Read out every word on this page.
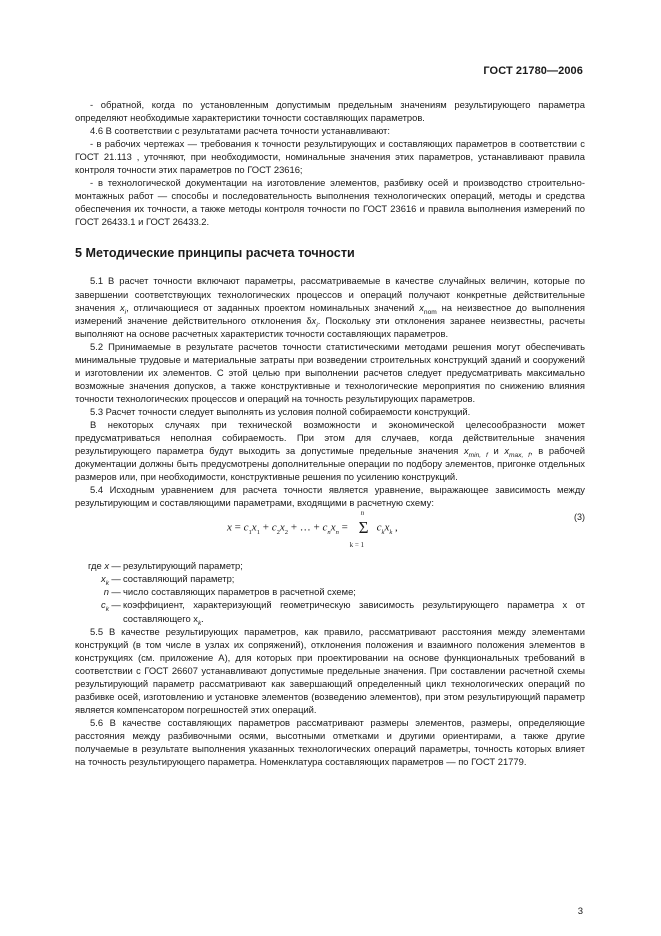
ГОСТ 21780—2006

- обратной, когда по установленным допустимым предельным значениям результирующего параметра определяют необходимые характеристики точности составляющих параметров.

4.6 В соответствии с результатами расчета точности устанавливают:

- в рабочих чертежах — требования к точности результирующих и составляющих параметров в соответствии с ГОСТ 21.113 , уточняют, при необходимости, номинальные значения этих параметров, устанавливают правила контроля точности этих параметров по ГОСТ 23616;

- в технологической документации на изготовление элементов, разбивку осей и производство строительно-монтажных работ — способы и последовательность выполнения технологических операций, методы и средства обеспечения их точности, а также методы контроля точности по ГОСТ 23616 и правила выполнения измерений по ГОСТ 26433.1 и ГОСТ 26433.2.

5 Методические принципы расчета точности

5.1 В расчет точности включают параметры, рассматриваемые в качестве случайных величин, которые по завершении соответствующих технологических процессов и операций получают конкретные действительные значения $x_i$, отличающиеся от заданных проектом номинальных значений $x_{nom}$ на неизвестное до выполнения измерений значение действительного отклонения $\delta x_i$. Поскольку эти отклонения заранее неизвестны, расчеты выполняют на основе расчетных характеристик точности составляющих параметров.

5.2 Принимаемые в результате расчетов точности статистическими методами решения могут обеспечивать минимальные трудовые и материальные затраты при возведении строительных конструкций зданий и сооружений и изготовлении их элементов. С этой целью при выполнении расчетов следует предусматривать максимально возможные значения допусков, а также конструктивные и технологические мероприятия по снижению влияния точности технологических процессов и операций на точность результирующих параметров.

5.3 Расчет точности следует выполнять из условия полной собираемости конструкций.

В некоторых случаях при технической возможности и экономической целесообразности может предусматриваться неполная собираемость. При этом для случаев, когда действительные значения результирующего параметра будут выходить за допустимые предельные значения $x_{min, f}$ и $x_{max, f}$, в рабочей документации должны быть предусмотрены дополнительные операции по подбору элементов, пригонке отдельных размеров или, при необходимости, конструктивные решения по усилению конструкций.

5.4 Исходным уравнением для расчета точности является уравнение, выражающее зависимость между результирующим и составляющими параметрами, входящими в расчетную схему:

$x = c_1x_1 + c_2x_2$ + … + $c_nx_n$ =
n
Σ
k = 1
$c_kx_k$ ,
(3)
где x	—	результирующий параметр;
$x_k$	—	составляющий параметр;
n	—	число составляющих параметров в расчетной схеме;
$c_k$	—	коэффициент, характеризующий геометрическую зависимость результирующего параметра x от составляющего $x_k$.

5.5 В качестве результирующих параметров, как правило, рассматривают расстояния между элементами конструкций (в том числе в узлах их сопряжений), отклонения положения и взаимного положения элементов в конструкциях (см. приложение А), для которых при проектировании на основе функциональных требований в соответствии с ГОСТ 26607 устанавливают допустимые предельные значения. При составлении расчетной схемы результирующий параметр рассматривают как завершающий определенный цикл технологических операций по разбивке осей, изготовлению и установке элементов (возведению элементов), при этом результирующий параметр является компенсатором погрешностей этих операций.

5.6 В качестве составляющих параметров рассматривают размеры элементов, размеры, определяющие расстояния между разбивочными осями, высотными отметками и другими ориентирами, а также другие получаемые в результате выполнения указанных технологических операций параметры, точность которых влияет на точность результирующего параметра. Номенклатура составляющих параметров — по ГОСТ 21779.

3
